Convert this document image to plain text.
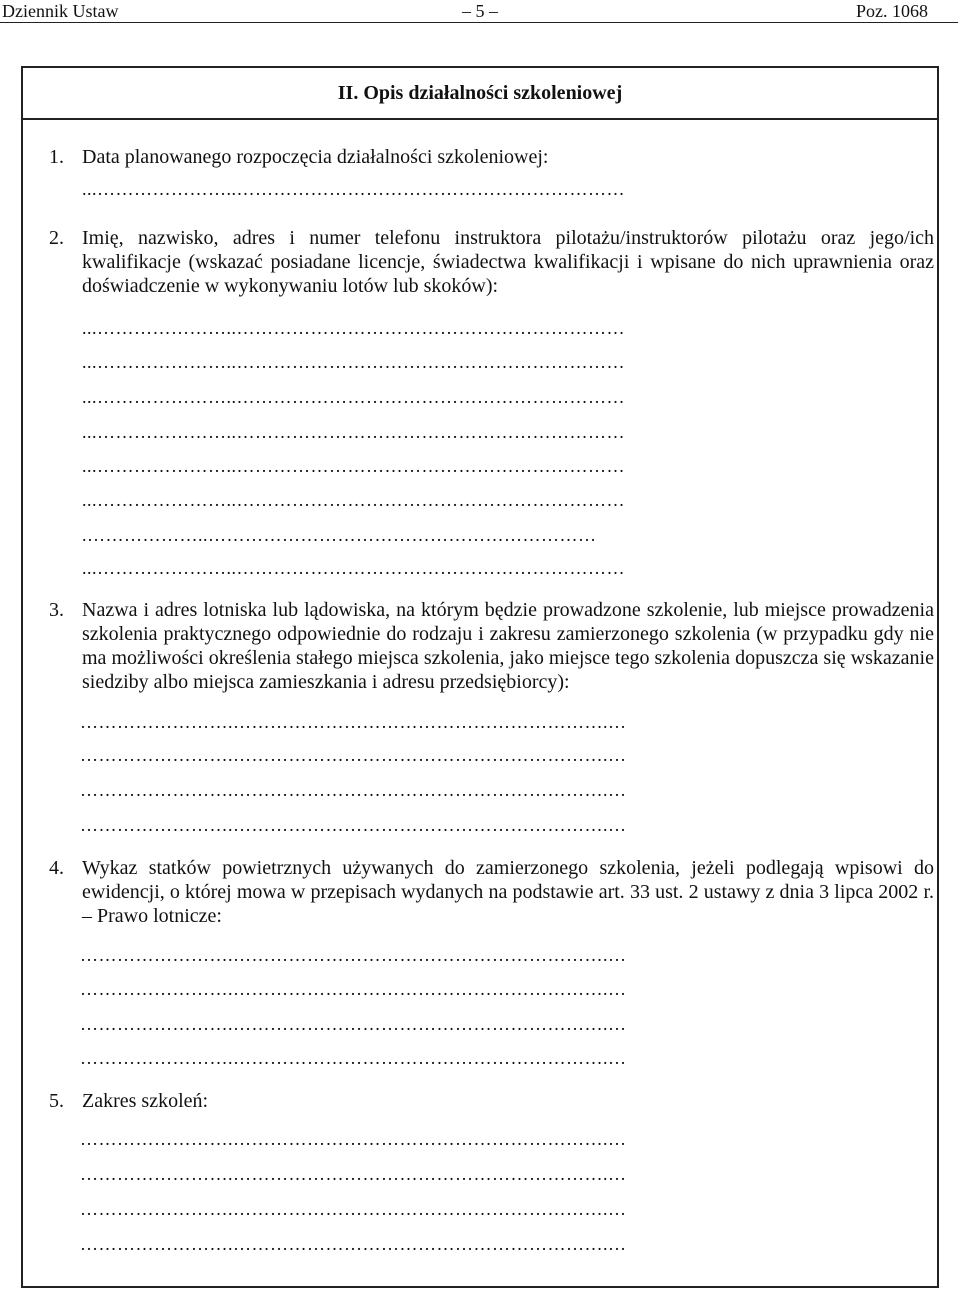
Dziennik Ustaw	– 5 –	Poz. 1068
II. Opis działalności szkoleniowej
1. Data planowanego rozpoczęcia działalności szkoleniowej:
...…………………..………………………………………………………
2. Imię, nazwisko, adres i numer telefonu instruktora pilotażu/instruktorów pilotażu oraz jego/ich kwalifikacje (wskazać posiadane licencje, świadectwa kwalifikacji i wpisane do nich uprawnienia oraz doświadczenie w wykonywaniu lotów lub skoków):
...…………………..………………………………………………………
...…………………..………………………………………………………
...…………………..………………………………………………………
...…………………..………………………………………………………
...…………………..………………………………………………………
...…………………..………………………………………………………
.………………..………………………………………………………
...…………………..………………………………………………………
3. Nazwa i adres lotniska lub lądowiska, na którym będzie prowadzone szkolenie, lub miejsce prowadzenia szkolenia praktycznego odpowiednie do rodzaju i zakresu zamierzonego szkolenia (w przypadku gdy nie ma możliwości określenia stałego miejsca szkolenia, jako miejsce tego szkolenia dopuszcza się wskazanie siedziby albo miejsca zamieszkania i adresu przedsiębiorcy):
…………………….…………………………………………………….…
…………………….…………………………………………………….…
…………………….…………………………………………………….…
…………………….…………………………………………………….…
4. Wykaz statków powietrznych używanych do zamierzonego szkolenia, jeżeli podlegają wpisowi do ewidencji, o której mowa w przepisach wydanych na podstawie art. 33 ust. 2 ustawy z dnia 3 lipca 2002 r. – Prawo lotnicze:
…………………….…………………………………………………….…
…………………….…………………………………………………….…
…………………….…………………………………………………….…
…………………….…………………………………………………….…
5. Zakres szkoleń:
…………………….…………………………………………………….…
…………………….…………………………………………………….…
…………………….…………………………………………………….…
…………………….…………………………………………………….…
